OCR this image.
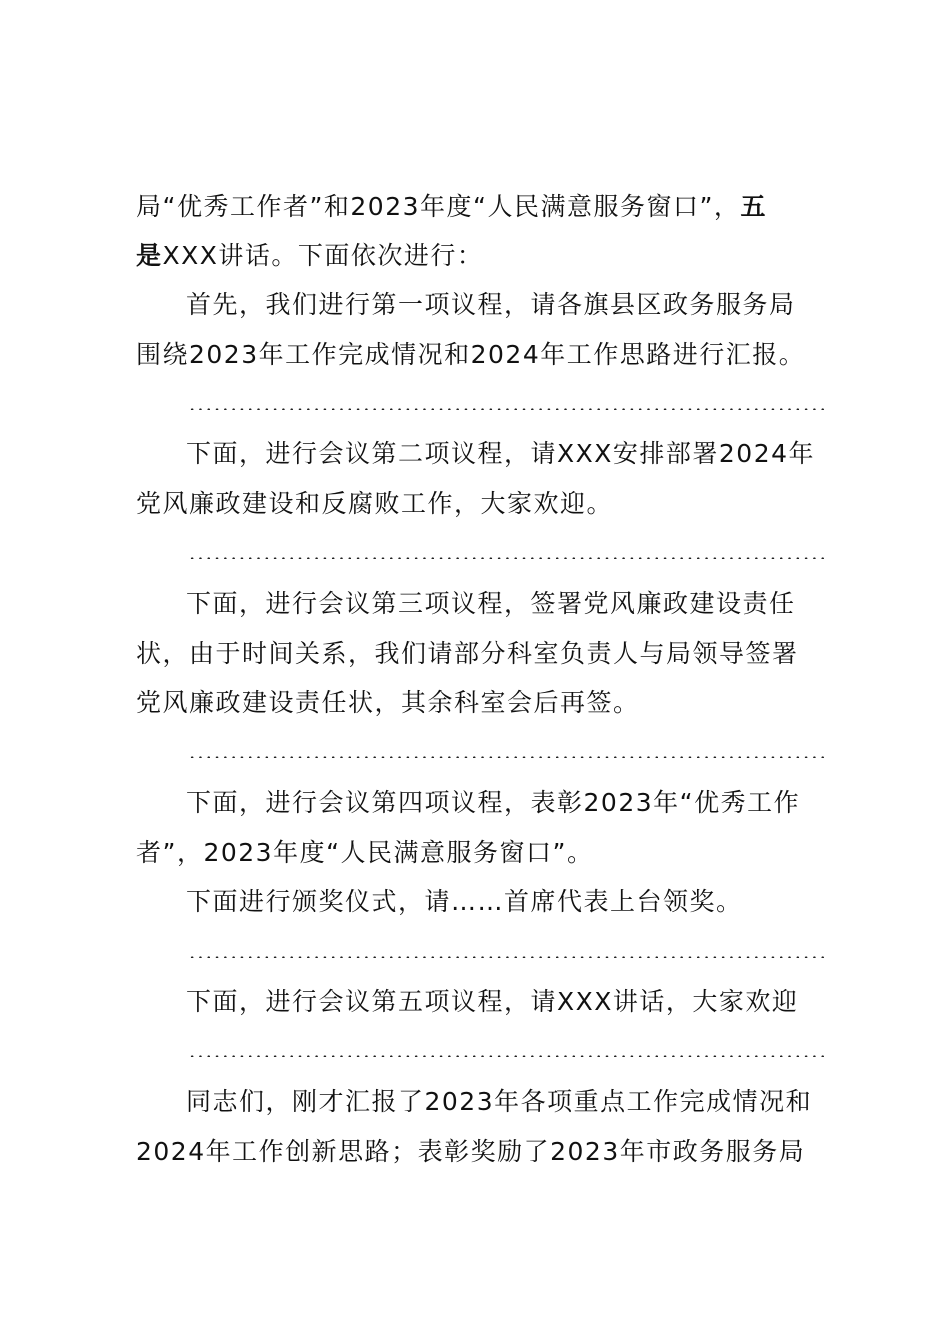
局“优秀工作者”和2023年度“人民满意服务窗口”，五
是XXX讲话。下面依次进行：
首先，我们进行第一项议程，请各旗县区政务服务局
围绕2023年工作完成情况和2024年工作思路进行汇报。
下面，进行会议第二项议程，请XXX安排部署2024年
党风廉政建设和反腐败工作，大家欢迎。
下面，进行会议第三项议程，签署党风廉政建设责任
状，由于时间关系，我们请部分科室负责人与局领导签署
党风廉政建设责任状，其余科室会后再签。
下面，进行会议第四项议程，表彰2023年“优秀工作
者”，2023年度“人民满意服务窗口”。
下面进行颁奖仪式，请……首席代表上台领奖。
下面，进行会议第五项议程，请XXX讲话，大家欢迎
同志们，刚才汇报了2023年各项重点工作完成情况和
2024年工作创新思路；表彰奖励了2023年市政务服务局
